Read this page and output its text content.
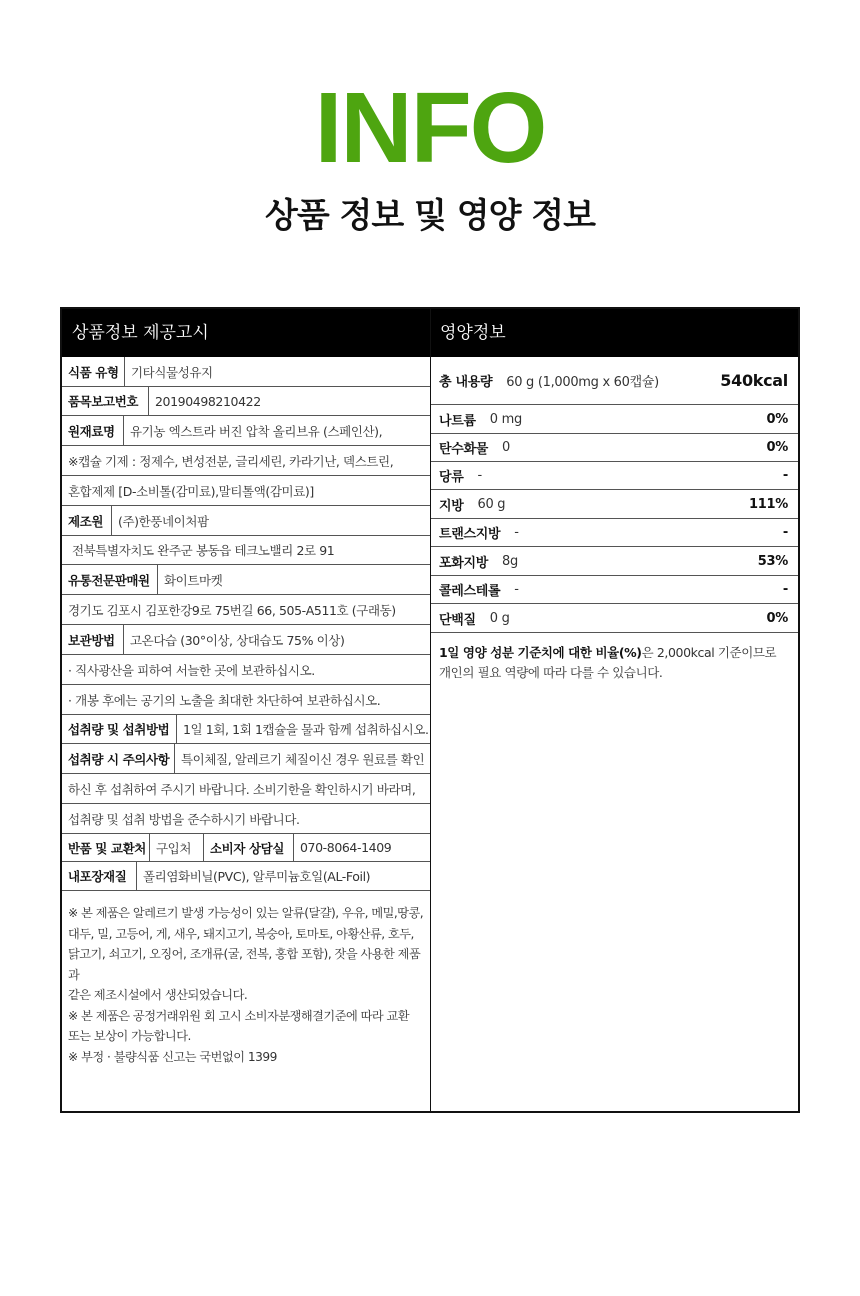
INFO
상품 정보 및 영양 정보
상품정보 제공고시	영양정보
식품 유형 기타식물성유지
품목보고번호	20190498210422
원재료명	유기농 엑스트라 버진 압착 올리브유 (스페인산),
※캡슐 기제 : 정제수, 변성전분, 글리세린, 카라기난, 덱스트린,
혼합제제 [D-소비톨(감미료),말티톨액(감미료)]
제조원	(주)한풍네이처팜
전북특별자치도 완주군 봉동읍 테크노밸리 2로 91
유통전문판매원	화이트마켓
경기도 김포시 김포한강9로 75번길 66, 505-A511호 (구래동)
보관방법	고온다습 (30°이상, 상대습도 75% 이상)
· 직사광산을 피하여 서늘한 곳에 보관하십시오.
· 개봉 후에는 공기의 노출을 최대한 차단하여 보관하십시오.
섭취량 및 섭취방법	1일 1회, 1회 1캡슐을 물과 함께 섭취하십시오.
섭취량 시 주의사항 특이체질, 알레르기 체질이신 경우 원료를 확인
하신 후 섭취하여 주시기 바랍니다. 소비기한을 확인하시기 바라며,
섭취량 및 섭취 방법을 준수하시기 바랍니다.
반품 및 교환처 구입처	소비자 상담실	070-8064-1409
내포장재질	폴리염화비닐(PVC), 알루미늄호일(AL-Foil)

※ 본 제품은 알레르기 발생 가능성이 있는 알류(달걀), 우유, 메밀,땅콩,

대두, 밀, 고등어, 게, 새우, 돼지고기, 복숭아, 토마토, 아황산류, 호두,

닭고기, 쇠고기, 오징어, 조개류(굴, 전복, 홍합 포함), 잣을 사용한 제품과

같은 제조시설에서 생산되었습니다.

※ 본 제품은 공정거래위원 회 고시 소비자분쟁해결기준에 따라 교환

또는 보상이 가능합니다.

※ 부정 · 불량식품 신고는 국번없이 1399

총 내용량 60 g (1,000mg x 60캡슐)	540kcal
나트륨 0 mg	0%
탄수화물 0	0%
당류 -	-
지방 60 g	111%
트랜스지방 -	-
포화지방 8g	53%
콜레스테롤 -	-
단백질 0 g	0%
1일 영양 성분 기준치에 대한 비율(%)은 2,000kcal 기준이므로 개인의 필요 역량에 따라 다를 수 있습니다.
